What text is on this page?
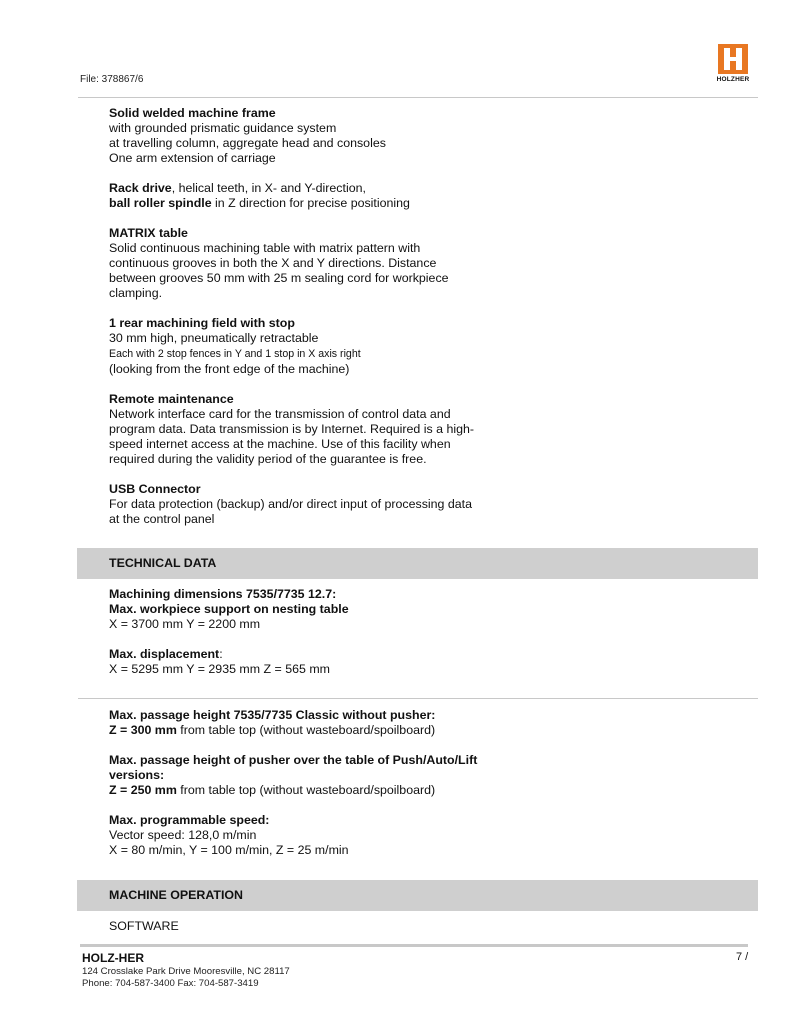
File: 378867/6	HOLZHER

Solid welded machine frame
with grounded prismatic guidance system
at travelling column, aggregate head and consoles
One arm extension of carriage

Rack drive, helical teeth, in X- and Y-direction,
ball roller spindle in Z direction for precise positioning

MATRIX table
Solid continuous machining table with matrix pattern with
continuous grooves in both the X and Y directions. Distance
between grooves 50 mm with 25 m sealing cord for workpiece
clamping.

1 rear machining field with stop
30 mm high, pneumatically retractable
Each with 2 stop fences in Y and 1 stop in X axis right
(looking from the front edge of the machine)

Remote maintenance
Network interface card for the transmission of control data and
program data. Data transmission is by Internet. Required is a high-
speed internet access at the machine. Use of this facility when
required during the validity period of the guarantee is free.

USB Connector
For data protection (backup) and/or direct input of processing data
at the control panel

TECHNICAL DATA

Machining dimensions 7535/7735 12.7:
Max. workpiece support on nesting table
X = 3700 mm Y = 2200 mm

Max. displacement:
X = 5295 mm Y = 2935 mm Z = 565 mm

Max. passage height 7535/7735 Classic without pusher:
Z = 300 mm from table top (without wasteboard/spoilboard)

Max. passage height of pusher over the table of Push/Auto/Lift
versions:
Z = 250 mm from table top (without wasteboard/spoilboard)

Max. programmable speed:
Vector speed: 128,0 m/min
X = 80 m/min, Y = 100 m/min, Z = 25 m/min

MACHINE OPERATION
SOFTWARE
HOLZ-HER
124 Crosslake Park Drive Mooresville, NC 28117
Phone: 704-587-3400 Fax: 704-587-3419
7 /
